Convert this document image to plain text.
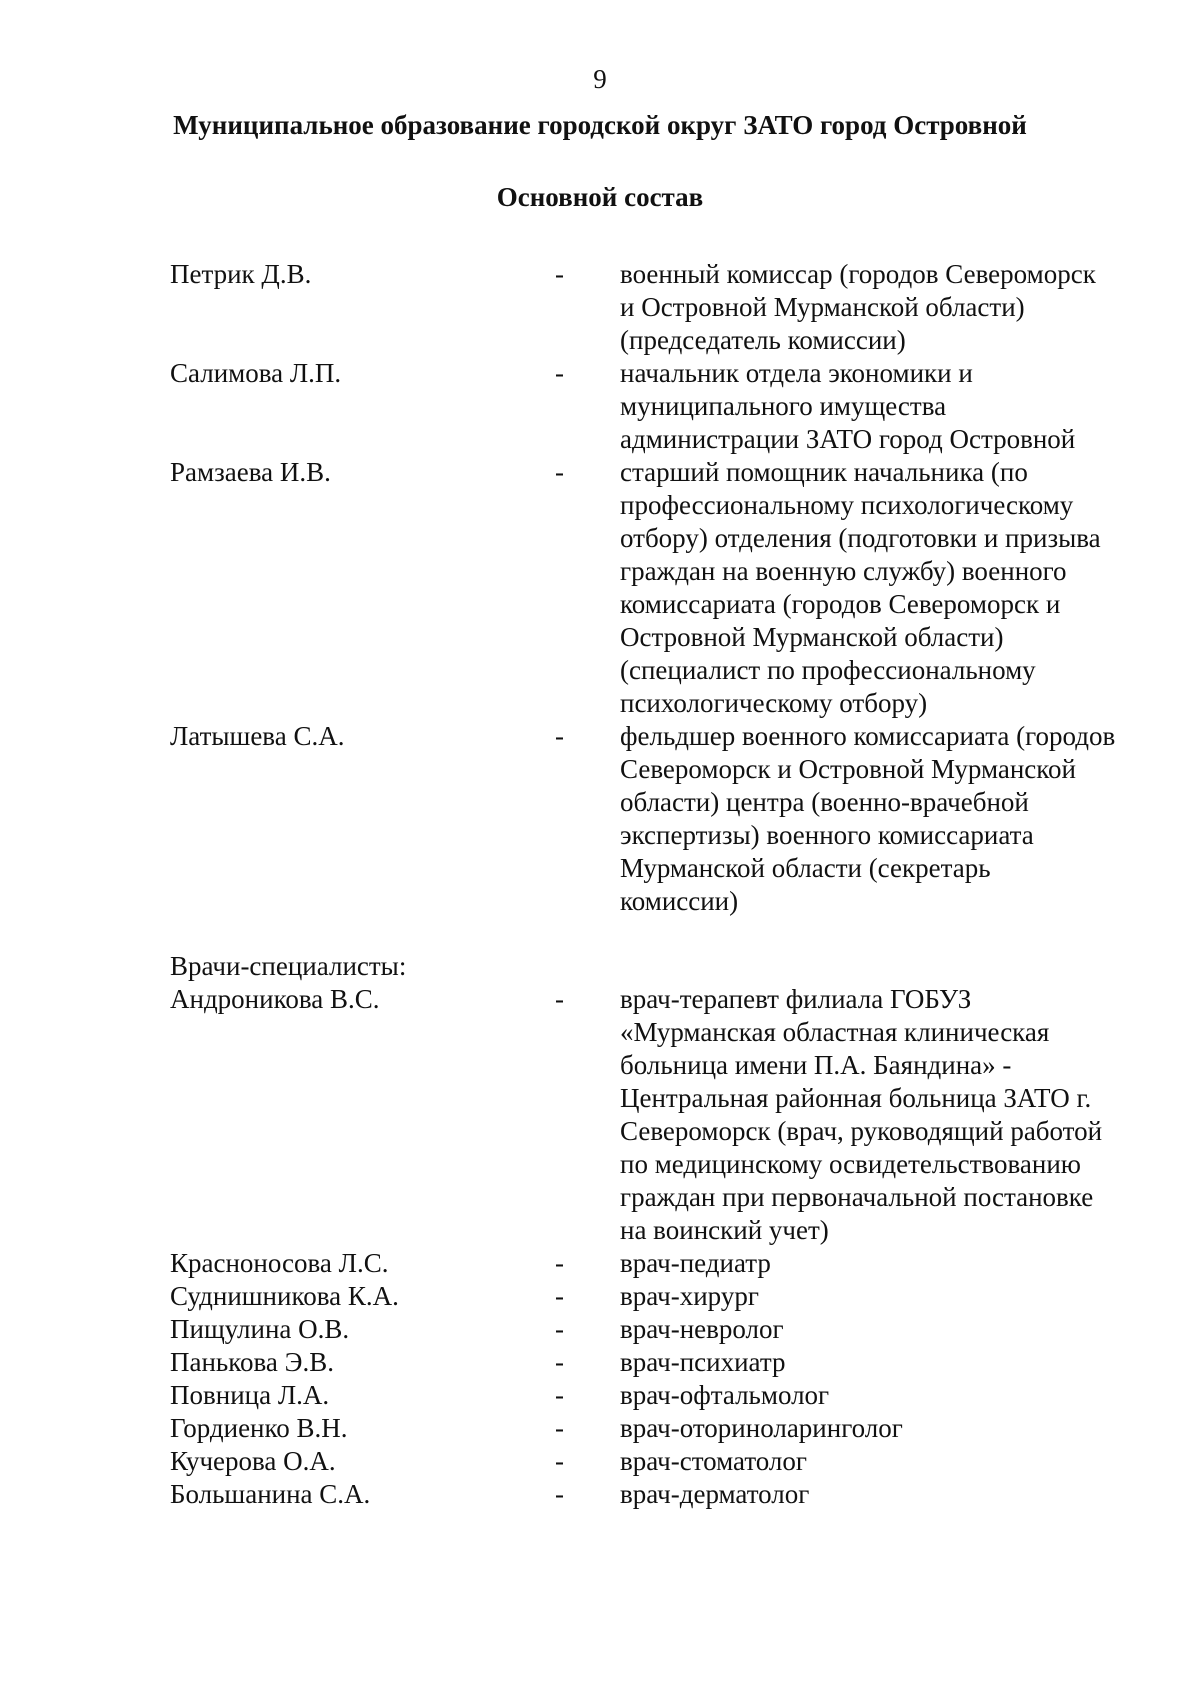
9
Муниципальное образование городской округ ЗАТО город Островной
Основной состав
Петрик Д.В.	-	военный комиссар (городов Североморск
и Островной Мурманской области)
(председатель комиссии)
Салимова Л.П.	-	начальник отдела экономики и
муниципального имущества
администрации ЗАТО город Островной
Рамзаева И.В.	-	старший помощник начальника (по
профессиональному психологическому
отбору) отделения (подготовки и призыва
граждан на военную службу) военного
комиссариата (городов Североморск и
Островной Мурманской области)
(специалист по профессиональному
психологическому отбору)
Латышева С.А.	-	фельдшер военного комиссариата (городов
Североморск и Островной Мурманской
области) центра (военно-врачебной
экспертизы) военного комиссариата
Мурманской области (секретарь
комиссии)
Врачи-специалисты:
Андроникова В.С.	-	врач-терапевт филиала ГОБУЗ
«Мурманская областная клиническая
больница имени П.А. Баяндина» -
Центральная районная больница ЗАТО г.
Североморск (врач, руководящий работой
по медицинскому освидетельствованию
граждан при первоначальной постановке
на воинский учет)
Красноносова Л.С.	-	врач-педиатр
Суднишникова К.А.	-	врач-хирург
Пищулина О.В.	-	врач-невролог
Панькова Э.В.	-	врач-психиатр
Повница Л.А.	-	врач-офтальмолог
Гордиенко В.Н.	-	врач-оториноларинголог
Кучерова О.А.	-	врач-стоматолог
Большанина С.А.	-	врач-дерматолог
